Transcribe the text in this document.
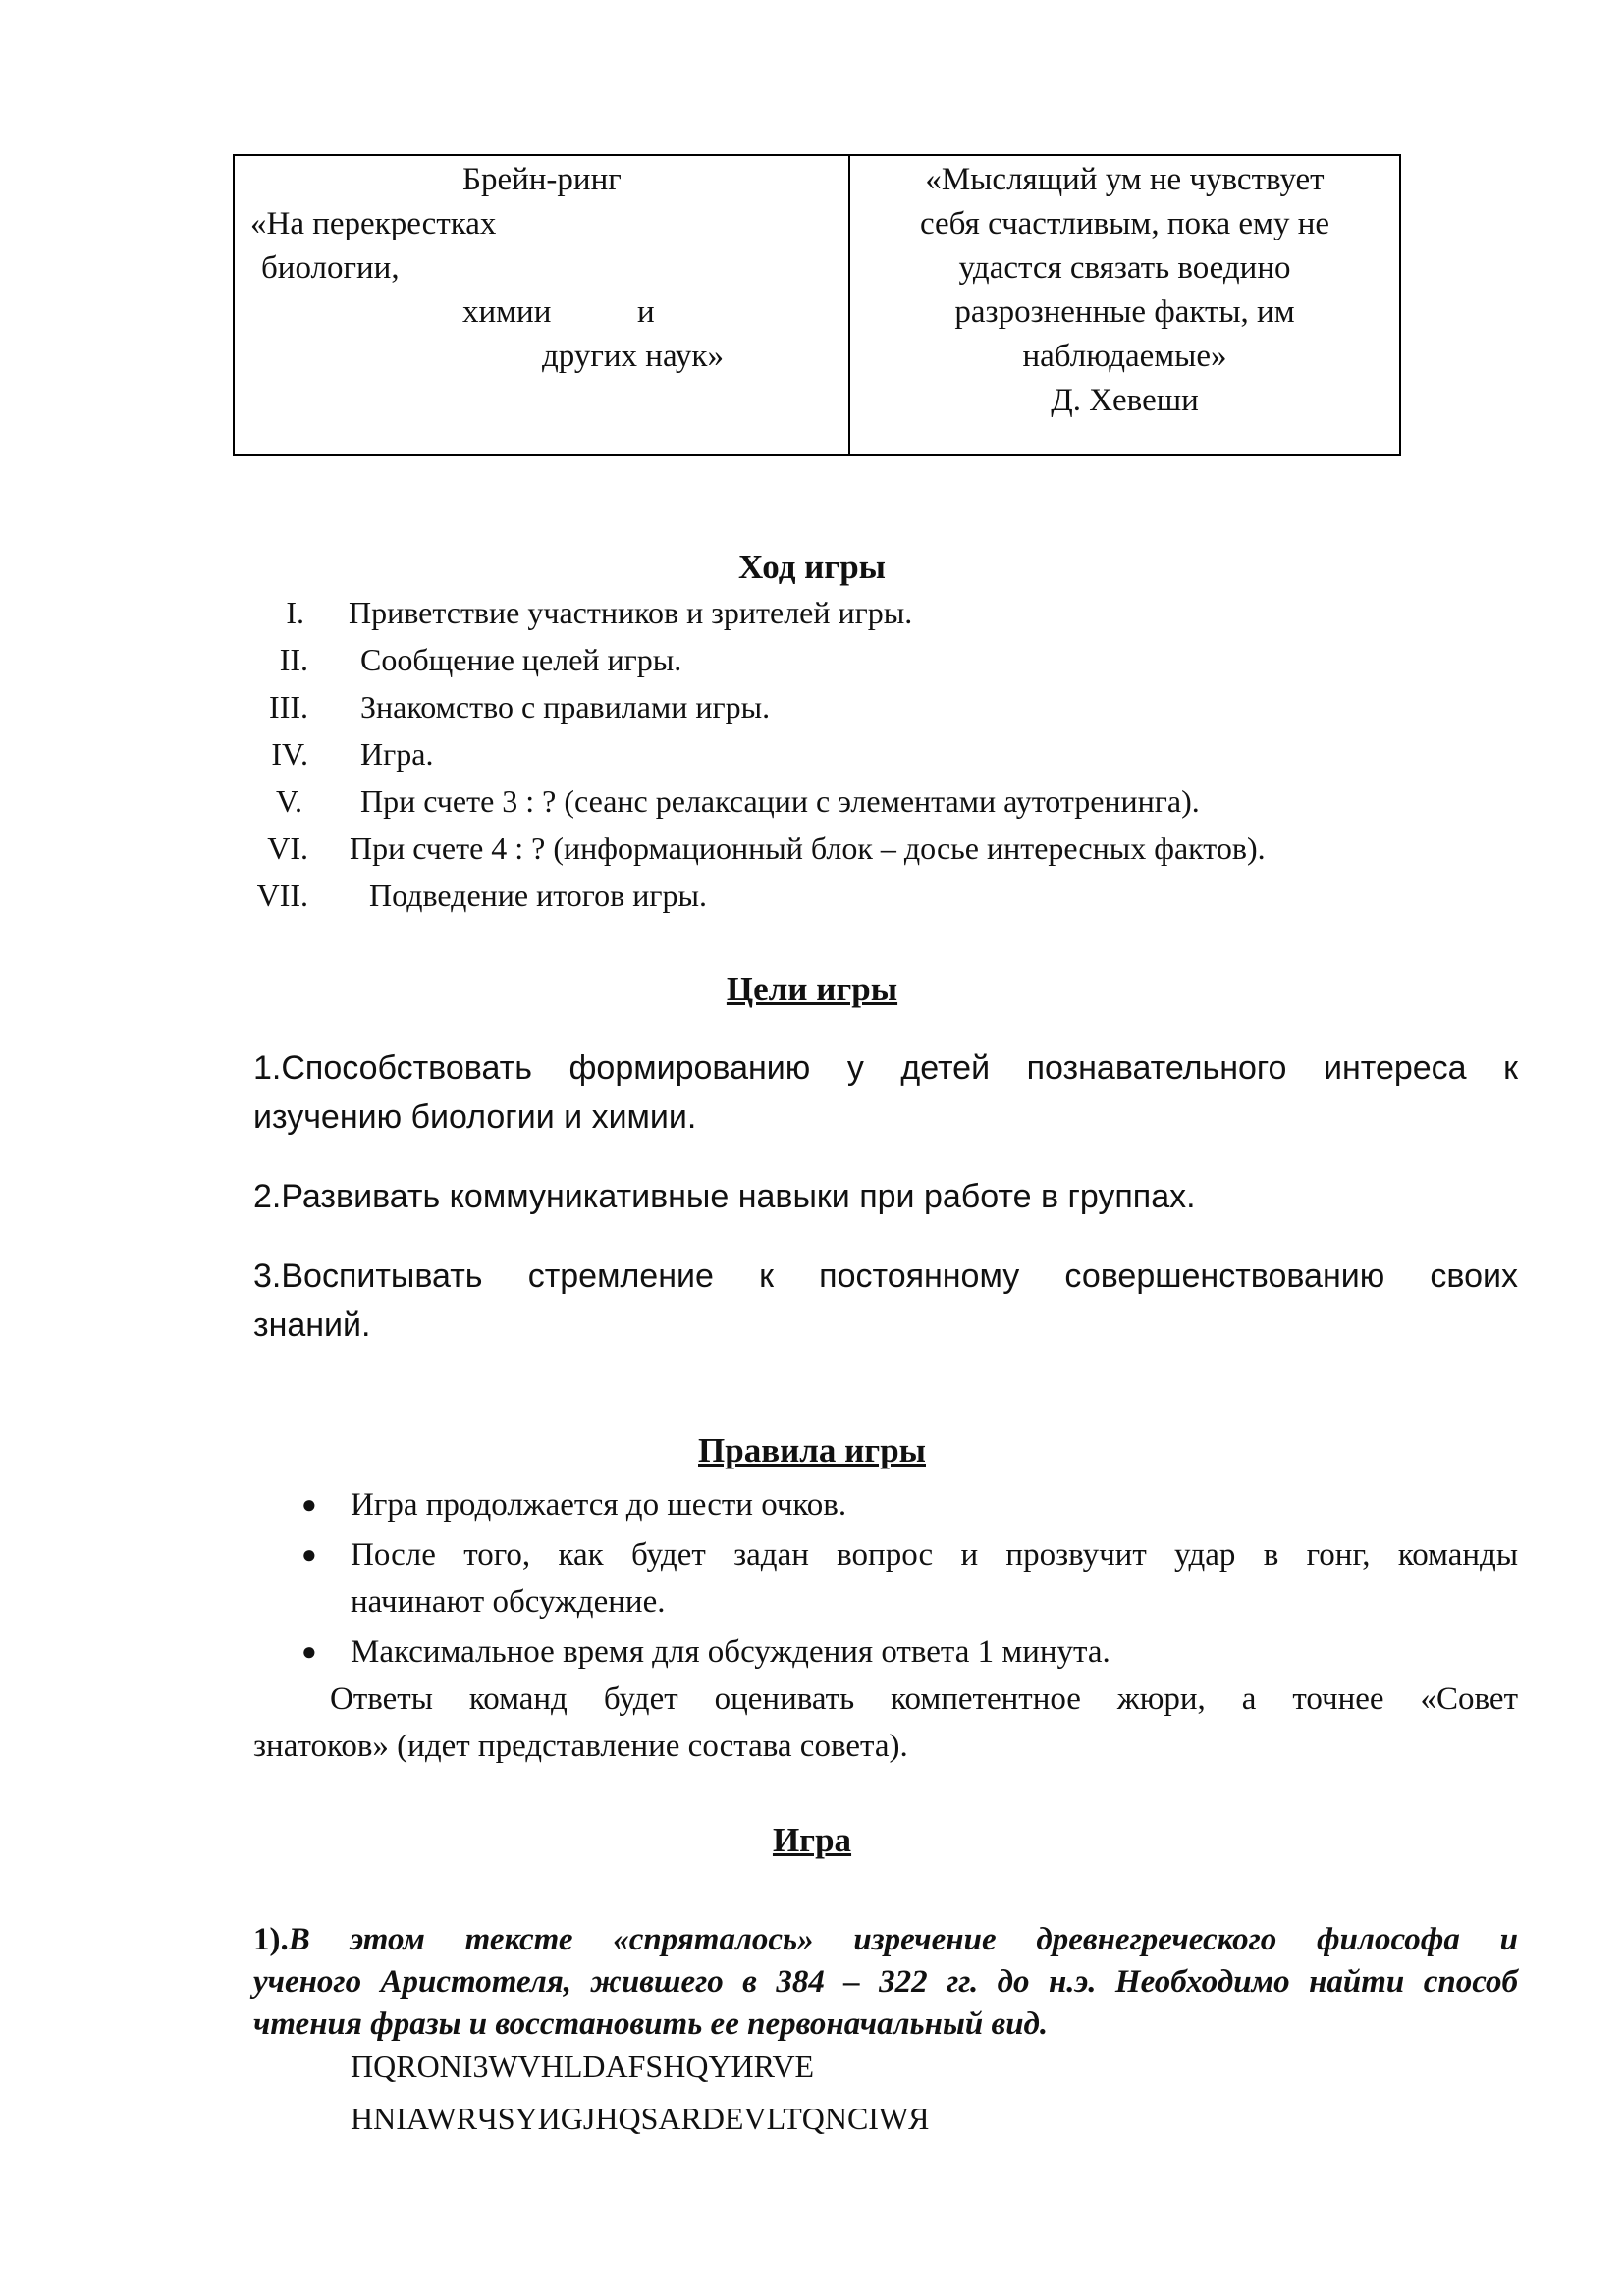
Брейн-ринг
«На перекрестках
биологии,
химии	и
других наук»
«Мыслящий ум не чувствует
себя счастливым, пока ему не
удастся связать воедино
разрозненные факты, им
наблюдаемые»
Д. Хевеши
Ход игры
I. Приветствие участников и зрителей игры.
II. Сообщение целей игры.
III. Знакомство с правилами игры.
IV. Игра.
V. При счете 3 : ? (сеанс релаксации с элементами аутотренинга).
VI. При счете 4 : ? (информационный блок – досье интересных фактов).
VII. Подведение итогов игры.
Цели игры
1.Способствовать формированию у детей познавательного интереса к
изучению биологии и химии.
2.Развивать коммуникативные навыки при работе в группах.
3.Воспитывать стремление к постоянному совершенствованию своих
знаний.
Правила игры
● Игра продолжается до шести очков.
● После того, как будет задан вопрос и прозвучит удар в гонг, команды
начинают обсуждение.
● Максимальное время для обсуждения ответа 1 минута.
Ответы команд будет оценивать компетентное жюри, а точнее «Совет
знатоков» (идет представление состава совета).
Игра
1).В этом тексте «спряталось» изречение древнегреческого философа и
ученого Аристотеля, жившего в 384 – 322 гг. до н.э. Необходимо найти способ
чтения фразы и восстановить ее первоначальный вид.
ПQRONI3WVHLDAFSHQYИRVE
HNIAWRЧSYИGJHQSARDEVLTQNCIWЯ
